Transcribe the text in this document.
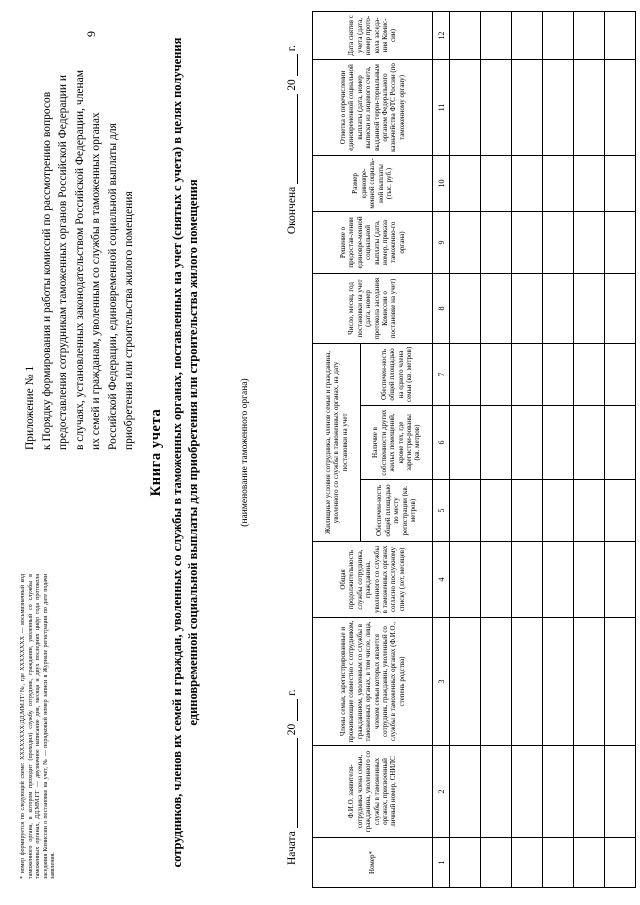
9
* номер формируется по следующей схеме: XXXXXXXX/ДД.ММ.ГГ/№, где XXXXXXXX — восьмизначный код таможенного органа, в котором проходит (проходил) службу сотрудник, гражданин, уволенный со службы в таможенных органах, ДД.ММ.ГГ — двузначное написание дня, месяца и двух последних цифр года протокола заседания Комиссии о постановке на учет, № — порядковый номер записи в Журнале регистрации по дате подачи заявления.
Приложение № 1 к Порядку формирования и работы комиссий по рассмотрению вопросов предоставления сотрудникам таможенных органов Российской Федерации и в случаях, установленных законодательством Российской Федерации, членам их семей и гражданам, уволенным со службы в таможенных органах Российской Федерации, единовременной социальной выплаты для приобретения или строительства жилого помещения
Книга учета сотрудников, членов их семей и граждан, уволенных со службы в таможенных органах, поставленных на учет (снятых с учета) в целях получения единовременной социальной выплаты для приобретения или строительства жилого помещения	(наименование таможенного органа)
Начата20г.
Окончена20г.
Номер*	Ф.И.О. заявителя-сотрудника члена семьи, гражданина, уволенного со службы в таможенных органах, присвоенный личный номер, СНИЛС	Члены семьи, зарегистрированные и проживающие совместно с сотрудником, гражданином, уволенным со службы в таможенных органах, в том числе, лица, членом семьи которых является сотрудник, гражданин, уволенный со службы в таможенных органах (Ф.И.О., степень родства)	Общая продолжительность службы сотрудника, гражданина, уволенного со службы в таможенных органах согласно послужному списку (лет, месяцев)	Жилищные условия сотрудника, членов семьи и гражданина, уволенного со службы в таможенных органах, на дату постановки на учет			Число, месяц, год постановки на учет (дата, номер протокола заседания Комиссии о постановке на учет)	Решение о предостав-лении единовре-менной социальной выплаты (дата, номер, приказа таможенно-го органа)	Размер единовре-менной социаль-ной выплаты (тыс. руб.)	Отметка о перечислении единовременной социальной выплаты (дата, номер выписки из лицевого счета, выданной терри-ториальным органом Федерального казначейства ФТС России (по таможенному органу)	Дата снятия с учета (дата, номер прото-кола заседа-ния Комис-сии)
				Обеспечен-ность общей площадью по месту регистрации (кв. метров)	Наличие в собственности других жилых помещений, кроме тех, где зарегистри-рованы (кв. метров)	Обеспечен-ность общей площадью на одного члена семьи (кв. метров)					
1	2	3	4	5	6	7	8	9	10	11	12
